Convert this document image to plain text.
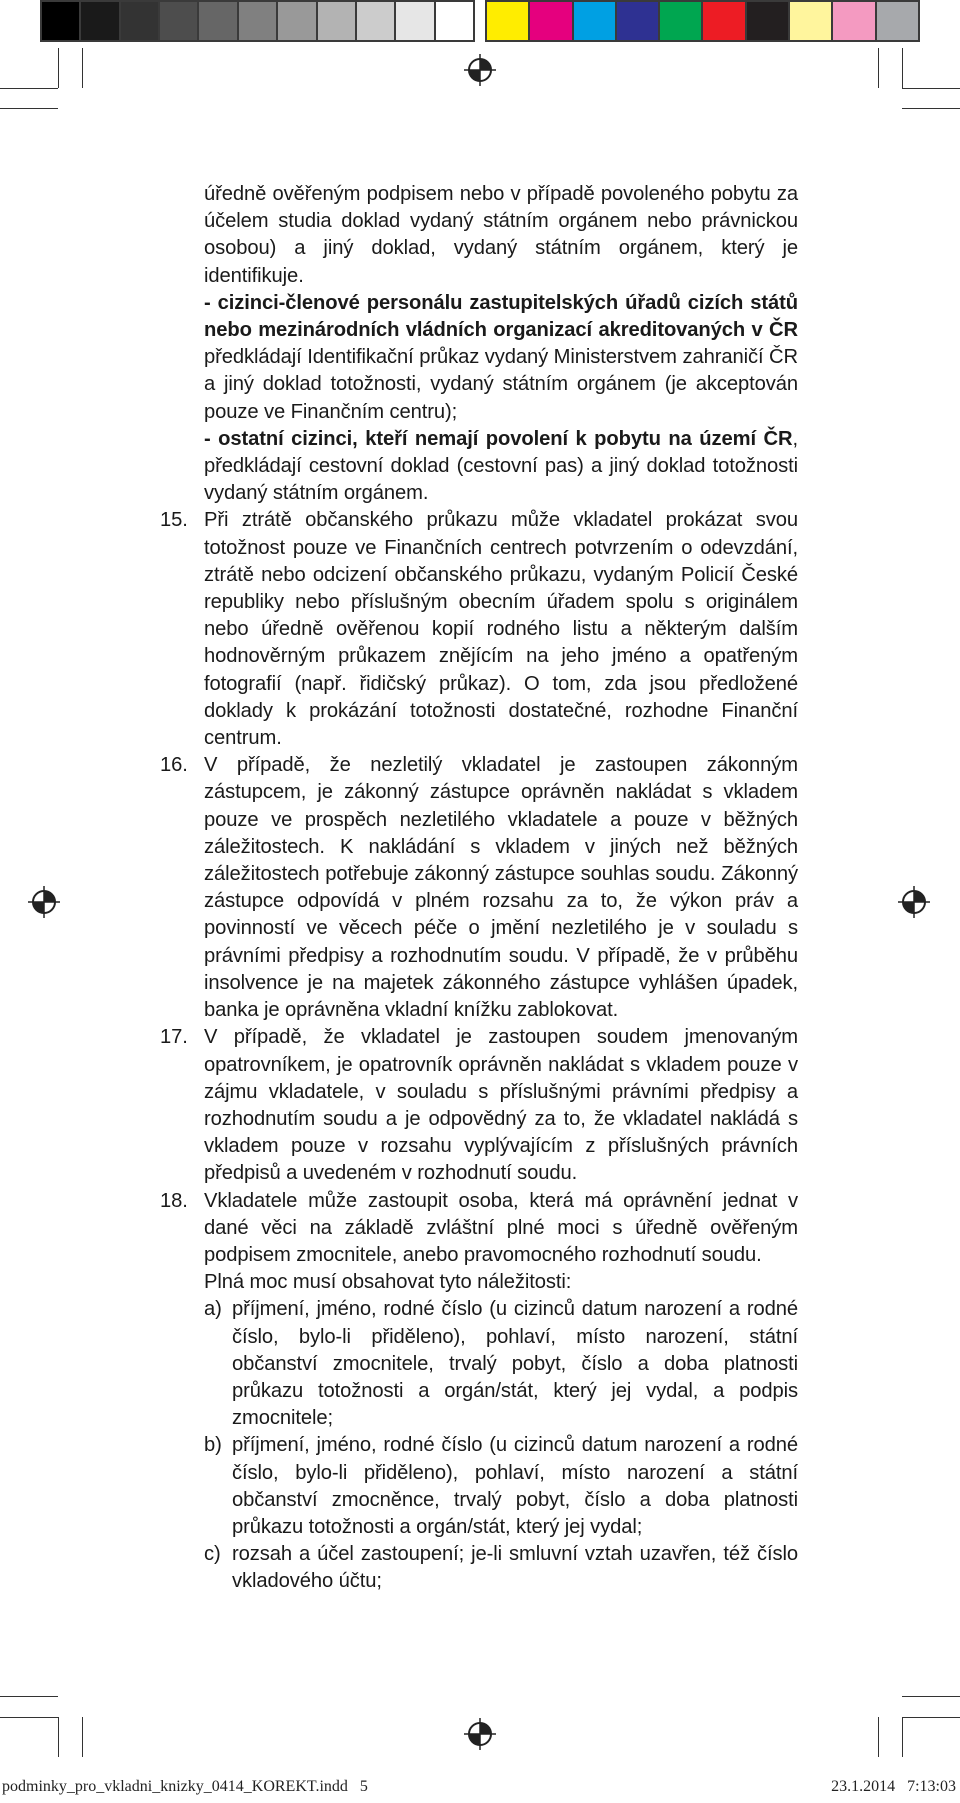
úředně ověřeným podpisem nebo v případě povoleného pobytu za účelem studia doklad vydaný státním orgánem nebo právnickou osobou) a jiný doklad, vydaný státním orgánem, který je identifikuje.

- cizinci-členové personálu zastupitelských úřadů cizích států nebo mezinárodních vládních organizací akreditovaných v ČR předkládají Identifikační průkaz vydaný Ministerstvem zahraničí ČR a jiný doklad totožnosti, vydaný státním orgánem (je akceptován pouze ve Finančním centru);

- ostatní cizinci, kteří nemají povolení k pobytu na území ČR, předkládají cestovní doklad (cestovní pas) a jiný doklad totožnosti vydaný státním orgánem.

15. Při ztrátě občanského průkazu může vkladatel prokázat svou totožnost pouze ve Finančních centrech potvrzením o odevzdání, ztrátě nebo odcizení občanského průkazu, vydaným Policií České republiky nebo příslušným obecním úřadem spolu s originálem nebo úředně ověřenou kopií rodného listu a některým dalším hodnověrným průkazem znějícím na jeho jméno a opatřeným fotografií (např. řidičský průkaz). O tom, zda jsou předložené doklady k prokázání totožnosti dostatečné, rozhodne Finanční centrum.

16. V případě, že nezletilý vkladatel je zastoupen zákonným zástupcem, je zákonný zástupce oprávněn nakládat s vkladem pouze ve prospěch nezletilého vkladatele a pouze v běžných záležitostech. K nakládání s vkladem v jiných než běžných záležitostech potřebuje zákonný zástupce souhlas soudu. Zákonný zástupce odpovídá v plném rozsahu za to, že výkon práv a povinností ve věcech péče o jmění nezletilého je v souladu s právními předpisy a rozhodnutím soudu. V případě, že v průběhu insolvence je na majetek zákonného zástupce vyhlášen úpadek, banka je oprávněna vkladní knížku zablokovat.

17. V případě, že vkladatel je zastoupen soudem jmenovaným opatrovníkem, je opatrovník oprávněn nakládat s vkladem pouze v zájmu vkladatele, v souladu s příslušnými právními předpisy a rozhodnutím soudu a je odpovědný za to, že vkladatel nakládá s vkladem pouze v rozsahu vyplývajícím z příslušných právních předpisů a uvedeném v rozhodnutí soudu.

18. Vkladatele může zastoupit osoba, která má oprávnění jednat v dané věci na základě zvláštní plné moci s úředně ověřeným podpisem zmocnitele, anebo pravomocného rozhodnutí soudu.

Plná moc musí obsahovat tyto náležitosti:

a) příjmení, jméno, rodné číslo (u cizinců datum narození a rodné číslo, bylo-li přiděleno), pohlaví, místo narození, státní občanství zmocnitele, trvalý pobyt, číslo a doba platnosti průkazu totožnosti a orgán/stát, který jej vydal, a podpis zmocnitele;

b) příjmení, jméno, rodné číslo (u cizinců datum narození a rodné číslo, bylo-li přiděleno), pohlaví, místo narození a státní občanství zmocněnce, trvalý pobyt, číslo a doba platnosti průkazu totožnosti a orgán/stát, který jej vydal;

c) rozsah a účel zastoupení; je-li smluvní vztah uzavřen, též číslo vkladového účtu;

podminky_pro_vkladni_knizky_0414_KOREKT.indd   5	23.1.2014   7:13:03
